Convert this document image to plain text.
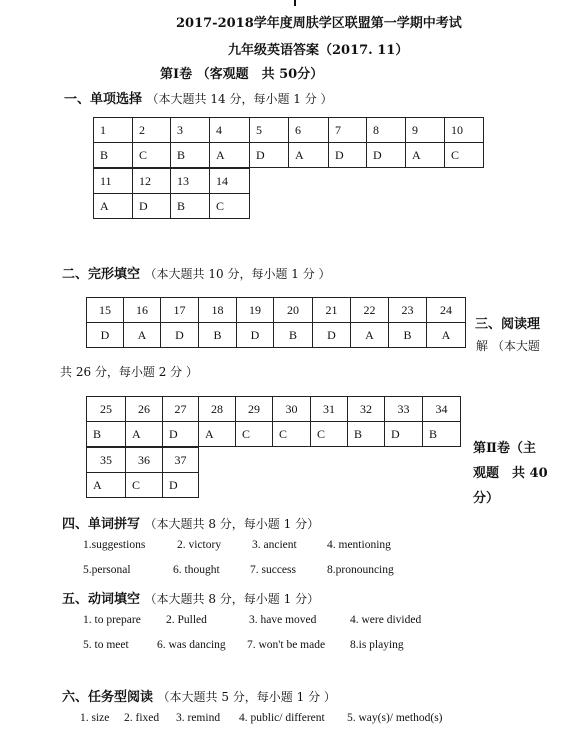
2017-2018学年度周肤学区联盟第一学期中考试
九年级英语答案（2017. 11）
第Ⅰ卷 （客观题　共 50分）
一、单项选择 （本大题共 14 分，每小题 1 分 ）
1	2	3	4	5	6	7	8	9	10
B	C	B	A	D	A	D	D	A	C
11	12	13	14
A	D	B	C
二、完形填空 （本大题共 10 分，每小题 1 分 ）
15	16	17	18	19	20	21	22	23	24
D	A	D	B	D	B	D	A	B	A
三、阅读理
解 （本大题
共 26 分，每小题 2 分 ）
25	26	27	28	29	30	31	32	33	34
B	A	D	A	C	C	C	B	D	B
35	36	37
A	C	D
第Ⅱ卷（主
观题　共 40
分）
四、单词拼写 （本大题共 8 分，每小题 1 分）
1.suggestions	2. victory	3. ancient	4. mentioning
5.personal	6. thought	7. success	8.pronouncing
五、动词填空 （本大题共 8 分，每小题 1 分）
1. to prepare 2. Pulled	3. have moved	4. were divided
5. to meet 6. was dancing 7. won't be made 8.is playing
六、任务型阅读 （本大题共 5 分，每小题 1 分 ）
1. size 2. fixed 3. remind 4. public/ different 5. way(s)/ method(s)
